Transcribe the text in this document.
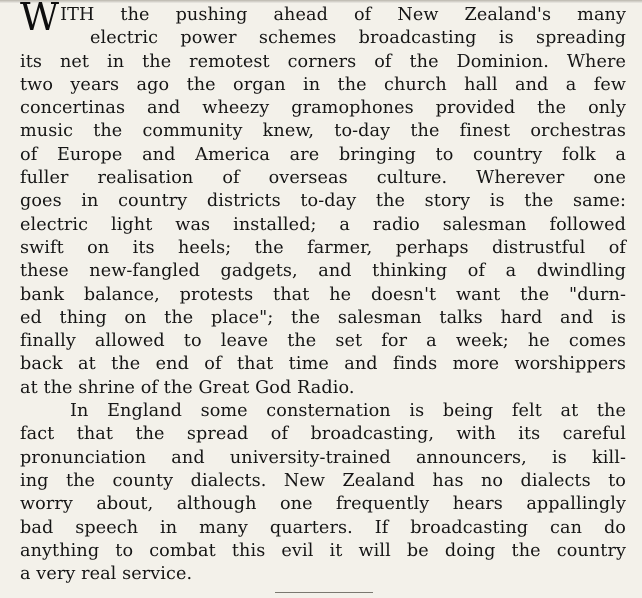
WITH the pushing ahead of New Zealand's many
electric power schemes broadcasting is spreading
its net in the remotest corners of the Dominion. Where
two years ago the organ in the church hall and a few
concertinas and wheezy gramophones provided the only
music the community knew, to-day the finest orchestras
of Europe and America are bringing to country folk a
fuller realisation of overseas culture. Wherever one
goes in country districts to-day the story is the same:
electric light was installed; a radio salesman followed
swift on its heels; the farmer, perhaps distrustful of
these new-fangled gadgets, and thinking of a dwindling
bank balance, protests that he doesn't want the "durn-
ed thing on the place"; the salesman talks hard and is
finally allowed to leave the set for a week; he comes
back at the end of that time and finds more worshippers
at the shrine of the Great God Radio.
In England some consternation is being felt at the
fact that the spread of broadcasting, with its careful
pronunciation and university-trained announcers, is kill-
ing the county dialects. New Zealand has no dialects to
worry about, although one frequently hears appallingly
bad speech in many quarters. If broadcasting can do
anything to combat this evil it will be doing the country
a very real service.
